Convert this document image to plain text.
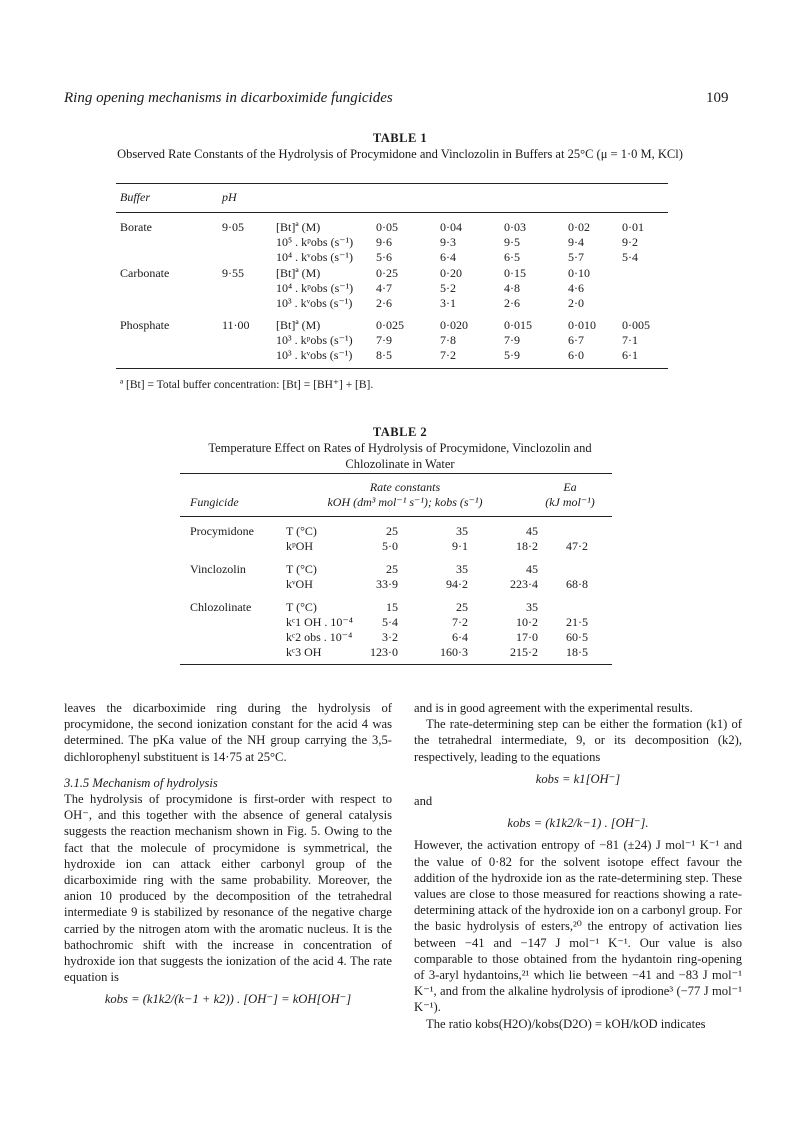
Ring opening mechanisms in dicarboximide fungicides	109
TABLE 1
Observed Rate Constants of the Hydrolysis of Procymidone and Vinclozolin in Buffers at 25°C (μ = 1·0 M, KCl)
Buffer	pH
Borate	9·05	[Bt]ª (M)	0·05	0·04	0·03	0·02	0·01
10⁵ . kᵖobs (s⁻¹) 9·6	9·3	9·5	9·4	9·2
10⁴ . kᵛobs (s⁻¹) 5·6	6·4	6·5	5·7	5·4
Carbonate	9·55	[Bt]ª (M)	0·25	0·20	0·15	0·10
10⁴ . kᵖobs (s⁻¹) 4·7	5·2	4·8	4·6
10³ . kᵛobs (s⁻¹) 2·6	3·1	2·6	2·0
Phosphate	11·00 [Bt]ª (M)	0·025	0·020	0·015	0·010	0·005
10³ . kᵖobs (s⁻¹) 7·9	7·8	7·9	6·7	7·1
10³ . kᵛobs (s⁻¹) 8·5	7·2	5·9	6·0	6·1
ª [Bt] = Total buffer concentration: [Bt] = [BH⁺] + [B].
TABLE 2
Temperature Effect on Rates of Hydrolysis of Procymidone, Vinclozolin and
Chlozolinate in Water
Rate constants
kOH (dm³ mol⁻¹ s⁻¹); kobs (s⁻¹)
Ea
(kJ mol⁻¹)
Fungicide
Procymidone	T (°C)	25	35	45
kᵖOH	5·0	9·1	18·2	47·2
Vinclozolin	T (°C)	25	35	45
kᵛOH	33·9	94·2	223·4	68·8
Chlozolinate	T (°C)	15	25	35
kᶜ1 OH . 10⁻⁴	5·4	7·2	10·2	21·5
kᶜ2 obs . 10⁻⁴	3·2	6·4	17·0	60·5
kᶜ3 OH	123·0	160·3	215·2	18·5

leaves the dicarboximide ring during the hydrolysis of procymidone, the second ionization constant for the acid 4 was determined. The pKa value of the NH group carrying the 3,5-dichlorophenyl substituent is 14·75 at 25°C.

3.1.5 Mechanism of hydrolysis

The hydrolysis of procymidone is first-order with respect to OH⁻, and this together with the absence of general catalysis suggests the reaction mechanism shown in Fig. 5. Owing to the fact that the molecule of procymidone is symmetrical, the hydroxide ion can attack either carbonyl group of the dicarboximide ring with the same probability. Moreover, the anion 10 produced by the decomposition of the tetrahedral intermediate 9 is stabilized by resonance of the negative charge carried by the nitrogen atom with the aromatic nucleus. It is the bathochromic shift with the increase in concentration of hydroxide ion that suggests the ionization of the acid 4. The rate equation is

kobs = (k1k2/(k−1 + k2)) . [OH⁻] = kOH[OH⁻]

and is in good agreement with the experimental results.

The rate-determining step can be either the formation (k1) of the tetrahedral intermediate, 9, or its decomposition (k2), respectively, leading to the equations

kobs = k1[OH⁻]

and

kobs = (k1k2/k−1) . [OH⁻].

However, the activation entropy of −81 (±24) J mol⁻¹ K⁻¹ and the value of 0·82 for the solvent isotope effect favour the addition of the hydroxide ion as the rate-determining step. These values are close to those measured for reactions showing a rate-determining attack of the hydroxide ion on a carbonyl group. For the basic hydrolysis of esters,²⁰ the entropy of activation lies between −41 and −147 J mol⁻¹ K⁻¹. Our value is also comparable to those obtained from the hydantoin ring-opening of 3-aryl hydantoins,²¹ which lie between −41 and −83 J mol⁻¹ K⁻¹, and from the alkaline hydrolysis of iprodione³ (−77 J mol⁻¹ K⁻¹).

The ratio kobs(H2O)/kobs(D2O) = kOH/kOD indicates
